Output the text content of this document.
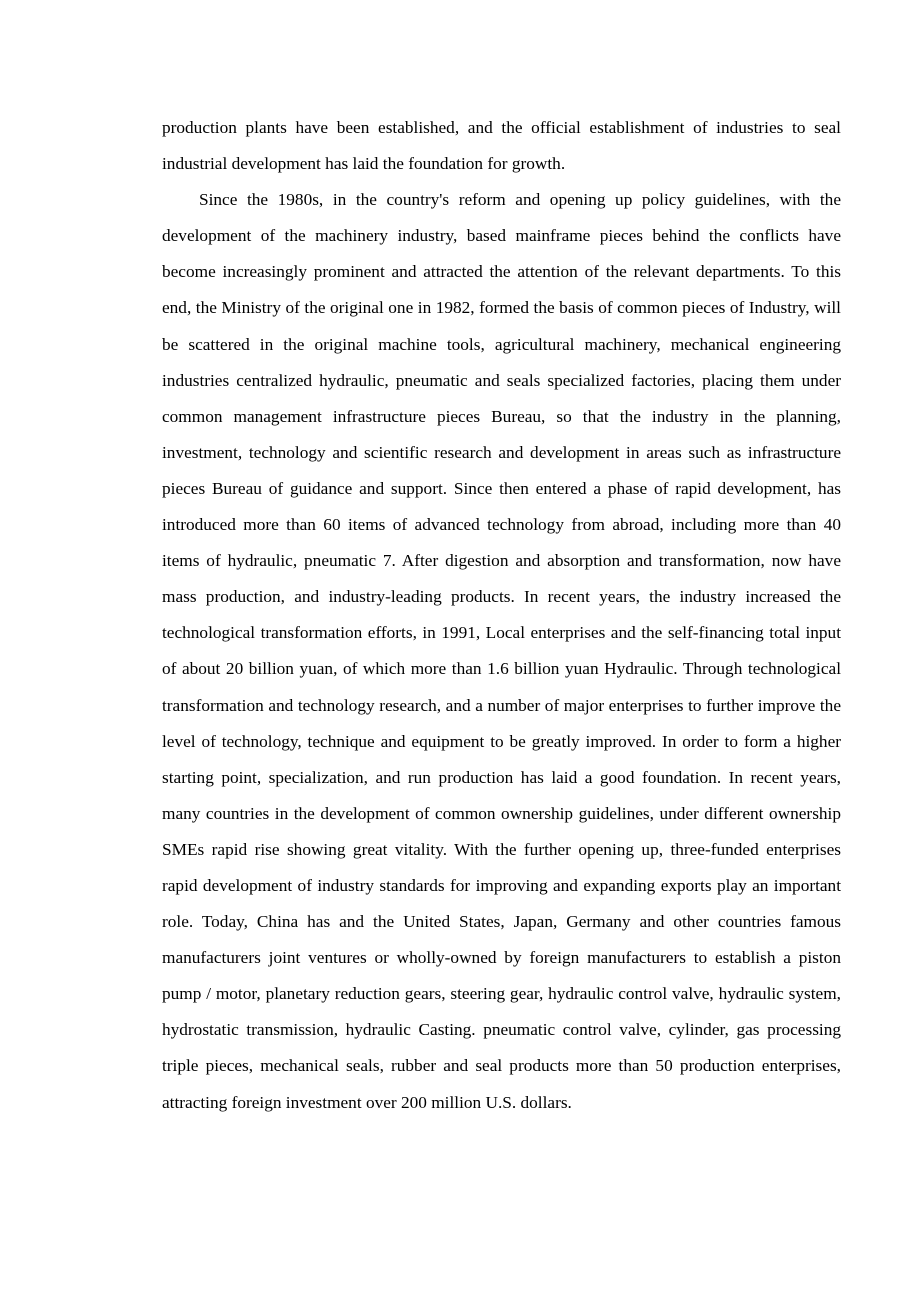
production plants have been established, and the official establishment of industries to seal industrial development has laid the foundation for growth.

Since the 1980s, in the country's reform and opening up policy guidelines, with the development of the machinery industry, based mainframe pieces behind the conflicts have become increasingly prominent and attracted the attention of the relevant departments. To this end, the Ministry of the original one in 1982, formed the basis of common pieces of Industry, will be scattered in the original machine tools, agricultural machinery, mechanical engineering industries centralized hydraulic, pneumatic and seals specialized factories, placing them under common management infrastructure pieces Bureau, so that the industry in the planning, investment, technology and scientific research and development in areas such as infrastructure pieces Bureau of guidance and support. Since then entered a phase of rapid development, has introduced more than 60 items of advanced technology from abroad, including more than 40 items of hydraulic, pneumatic 7. After digestion and absorption and transformation, now have mass production, and industry-leading products. In recent years, the industry increased the technological transformation efforts, in 1991, Local enterprises and the self-financing total input of about 20 billion yuan, of which more than 1.6 billion yuan Hydraulic. Through technological transformation and technology research, and a number of major enterprises to further improve the level of technology, technique and equipment to be greatly improved. In order to form a higher starting point, specialization, and run production has laid a good foundation. In recent years, many countries in the development of common ownership guidelines, under different ownership SMEs rapid rise showing great vitality. With the further opening up, three-funded enterprises rapid development of industry standards for improving and expanding exports play an important role. Today, China has and the United States, Japan, Germany and other countries famous manufacturers joint ventures or wholly-owned by foreign manufacturers to establish a piston pump / motor, planetary reduction gears, steering gear, hydraulic control valve, hydraulic system, hydrostatic transmission, hydraulic Casting. pneumatic control valve, cylinder, gas processing triple pieces, mechanical seals, rubber and seal products more than 50 production enterprises, attracting foreign investment over 200 million U.S. dollars.
